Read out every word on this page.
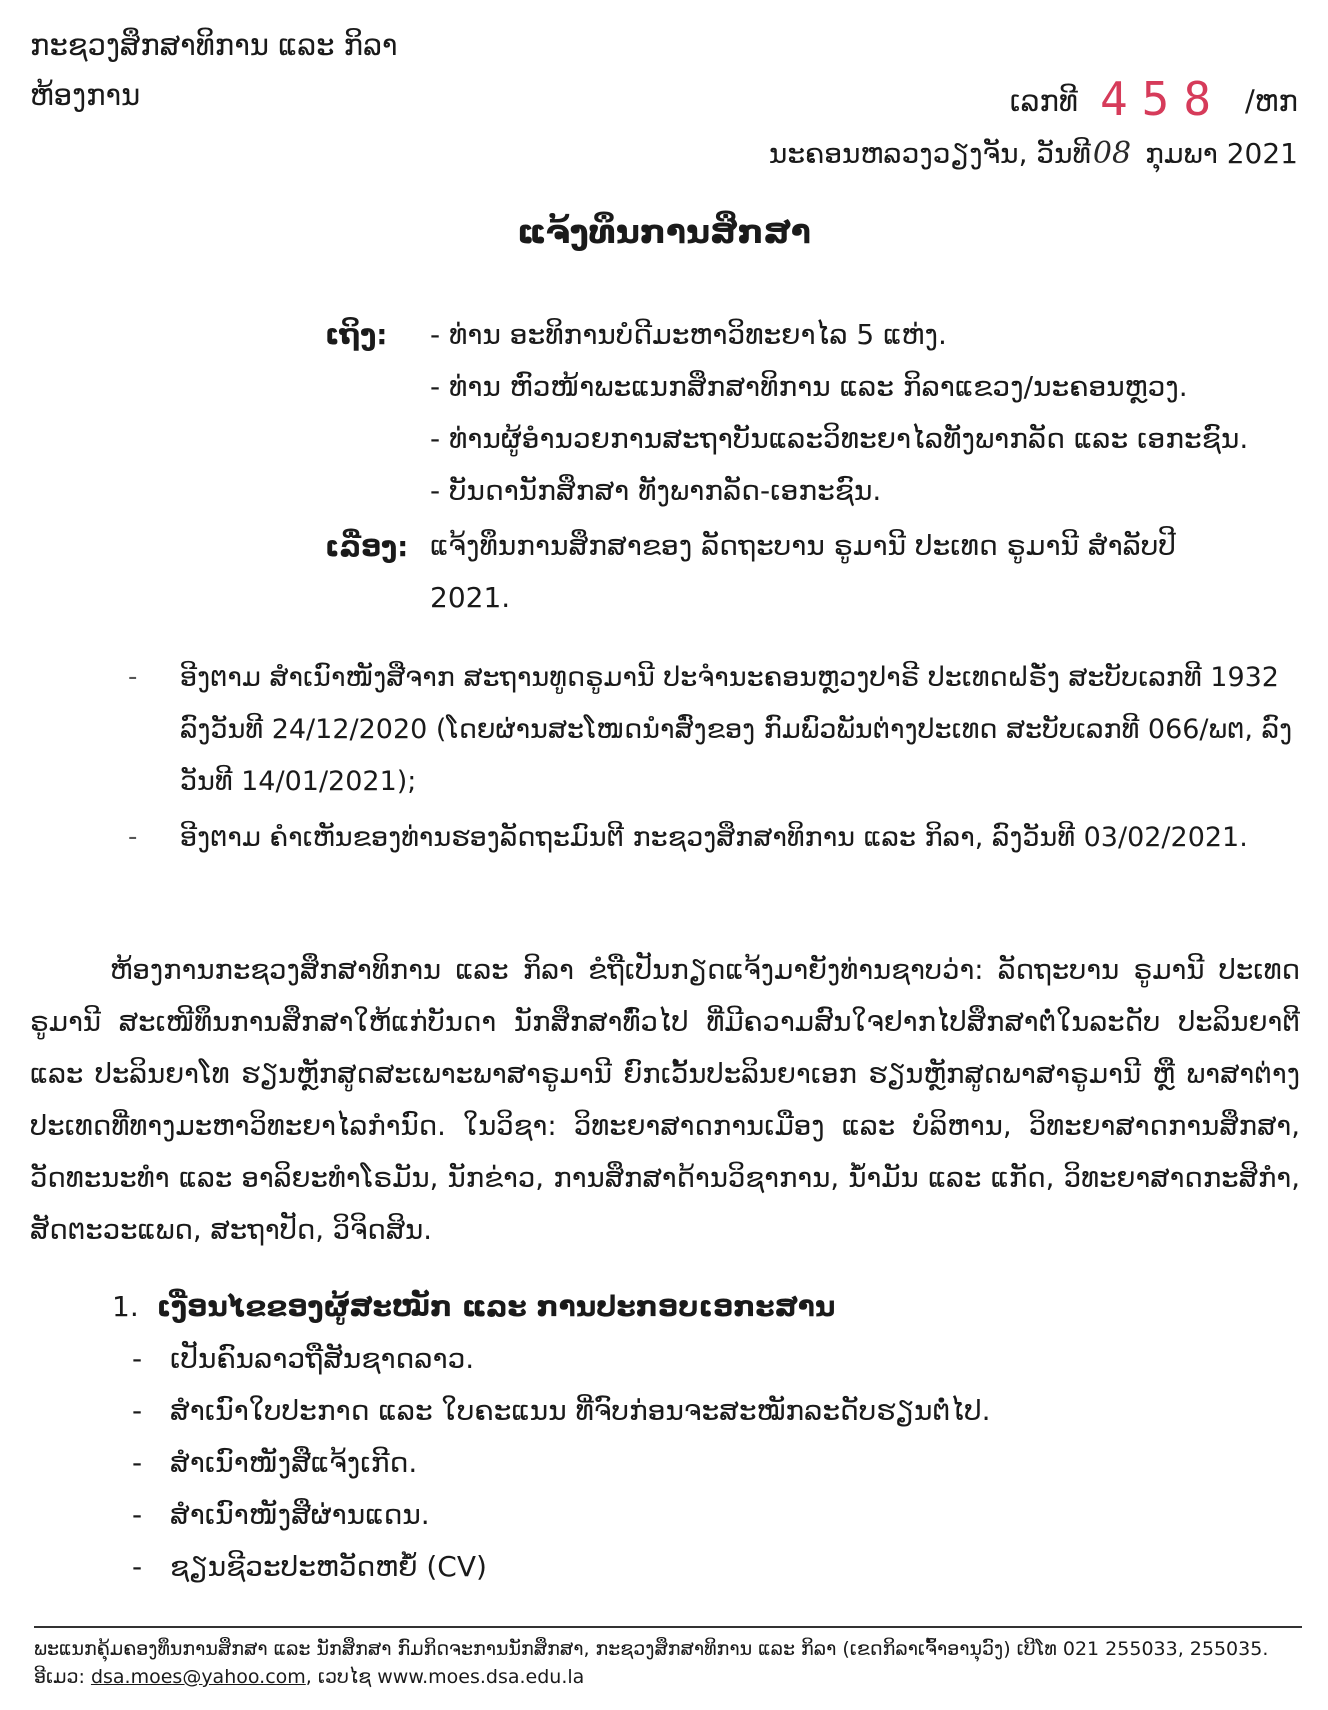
ກະຊວງສຶກສາທິການ ແລະ ກິລາ
ຫ້ອງການ	ເລກທີ 458 /ຫກ
ນະຄອນຫລວງວຽງຈັນ, ວັນທີ08 ກຸມພາ 2021
ແຈ້ງທຶນການສຶກສາ
ເຖິງ: - ທ່ານ ອະທິການບໍດີມະຫາວິທະຍາໄລ 5 ແຫ່ງ.
- ທ່ານ ຫົວໜ້າພະແນກສຶກສາທິການ ແລະ ກິລາແຂວງ/ນະຄອນຫຼວງ.
- ທ່ານຜູ້ອຳນວຍການສະຖາບັນແລະວິທະຍາໄລທັງພາກລັດ ແລະ ເອກະຊົນ.
- ບັນດານັກສຶກສາ ທັງພາກລັດ-ເອກະຊົນ.
ເລື່ອງ: ແຈ້ງທຶນການສຶກສາຂອງ ລັດຖະບານ ຣູມານີ ປະເທດ ຣູມານີ ສຳລັບປີ 2021.
- ອີງຕາມ ສຳເນົາໜັງສືຈາກ ສະຖານທູດຣູມານີ ປະຈຳນະຄອນຫຼວງປາຣີ ປະເທດຝຣັ່ງ ສະບັບເລກທີ 1932 ລົງວັນທີ 24/12/2020 (ໂດຍຜ່ານສະໂໜດນຳສົ່ງຂອງ ກົມພົວພັນຕ່າງປະເທດ ສະບັບເລກທີ 066/ພຕ, ລົງວັນທີ 14/01/2021);
- ອີງຕາມ ຄຳເຫັນຂອງທ່ານຮອງລັດຖະມົນຕີ ກະຊວງສຶກສາທິການ ແລະ ກິລາ, ລົງວັນທີ 03/02/2021.
ຫ້ອງການກະຊວງສຶກສາທິການ ແລະ ກິລາ ຂໍຖືເປັນກຽດແຈ້ງມາຍັງທ່ານຊາບວ່າ: ລັດຖະບານ ຣູມານີ ປະເທດ ຣູມານີ ສະເໜີທຶນການສຶກສາໃຫ້ແກ່ບັນດາ ນັກສຶກສາທົ່ວໄປ ທີ່ມີຄວາມສົນໃຈຢາກໄປສຶກສາຕໍ່ໃນລະດັບ ປະລິນຍາຕີ ແລະ ປະລິນຍາໂທ ຮຽນຫຼັກສູດສະເພາະພາສາຣູມານີ ຍົກເວັ້ນປະລິນຍາເອກ ຮຽນຫຼັກສູດພາສາຣູມານີ ຫຼື ພາສາຕ່າງປະເທດທີ່ທາງມະຫາວິທະຍາໄລກຳນົດ. ໃນວິຊາ: ວິທະຍາສາດການເມືອງ ແລະ ບໍລິຫານ, ວິທະຍາສາດການສຶກສາ, ວັດທະນະທຳ ແລະ ອາລິຍະທຳໂຣມັນ, ນັກຂ່າວ, ການສຶກສາດ້ານວິຊາການ, ນ້ຳມັນ ແລະ ແກັດ, ວິທະຍາສາດກະສິກຳ, ສັດຕະວະແພດ, ສະຖາປັດ, ວິຈິດສິນ.
1. ເງື່ອນໄຂຂອງຜູ້ສະໝັກ ແລະ ການປະກອບເອກະສານ
- ເປັນຄົນລາວຖືສັນຊາດລາວ.
- ສຳເນົາໃບປະກາດ ແລະ ໃບຄະແນນ ທີ່ຈົບກ່ອນຈະສະໝັກລະດັບຮຽນຕໍ່ໄປ.
- ສຳເນົາໜັງສືແຈ້ງເກີດ.
- ສຳເນົາໜັງສືຜ່ານແດນ.
- ຊຽນຊີວະປະຫວັດຫຍໍ້ (CV)
ພະແນກຄຸ້ມຄອງທຶນການສຶກສາ ແລະ ນັກສຶກສາ ກົມກິດຈະການນັກສຶກສາ, ກະຊວງສຶກສາທິການ ແລະ ກິລາ (ເຂດກິລາເຈົ້າອານຸວົງ) ເບີໂທ 021 255033, 255035.
ອີເມວ: dsa.moes@yahoo.com, ເວບໄຊ www.moes.dsa.edu.la
